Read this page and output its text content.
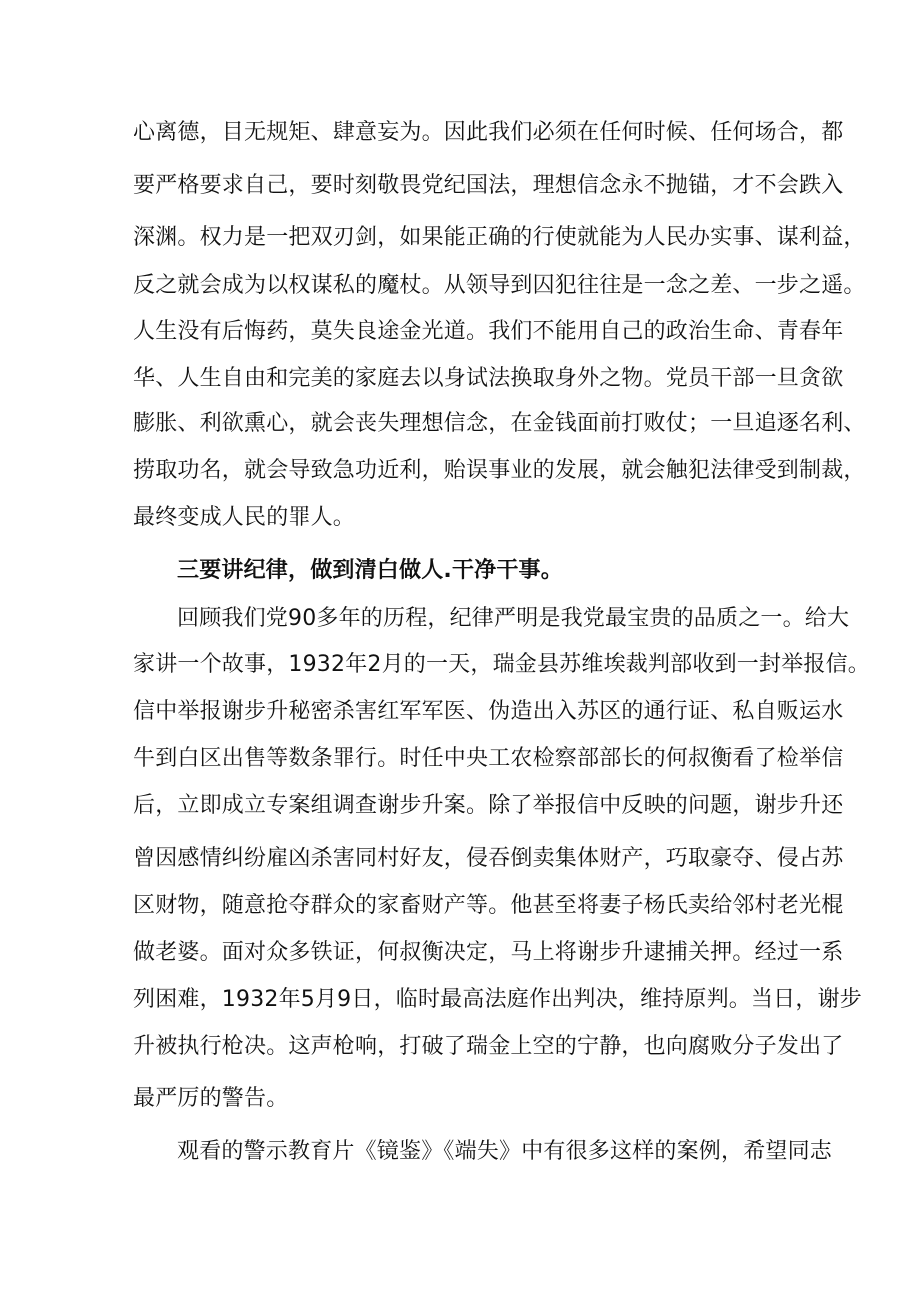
心离德，目无规矩、肆意妄为。因此我们必须在任何时候、任何场合，都
要严格要求自己，要时刻敬畏党纪国法，理想信念永不抛锚，才不会跌入
深渊。权力是一把双刃剑，如果能正确的行使就能为人民办实事、谋利益，
反之就会成为以权谋私的魔杖。从领导到囚犯往往是一念之差、一步之遥。
人生没有后悔药，莫失良途金光道。我们不能用自己的政治生命、青春年
华、人生自由和完美的家庭去以身试法换取身外之物。党员干部一旦贪欲
膨胀、利欲熏心，就会丧失理想信念，在金钱面前打败仗；一旦追逐名利、
捞取功名，就会导致急功近利，贻误事业的发展，就会触犯法律受到制裁，
最终变成人民的罪人。
三要讲纪律，做到清白做人.干净干事。
回顾我们党90多年的历程，纪律严明是我党最宝贵的品质之一。给大
家讲一个故事，1932年2月的一天，瑞金县苏维埃裁判部收到一封举报信。
信中举报谢步升秘密杀害红军军医、伪造出入苏区的通行证、私自贩运水
牛到白区出售等数条罪行。时任中央工农检察部部长的何叔衡看了检举信
后，立即成立专案组调查谢步升案。除了举报信中反映的问题，谢步升还
曾因感情纠纷雇凶杀害同村好友，侵吞倒卖集体财产，巧取豪夺、侵占苏
区财物，随意抢夺群众的家畜财产等。他甚至将妻子杨氏卖给邻村老光棍
做老婆。面对众多铁证，何叔衡决定，马上将谢步升逮捕关押。经过一系
列困难，1932年5月9日，临时最高法庭作出判决，维持原判。当日，谢步
升被执行枪决。这声枪响，打破了瑞金上空的宁静，也向腐败分子发出了
最严厉的警告。
观看的警示教育片《镜鉴》《端失》中有很多这样的案例，希望同志
